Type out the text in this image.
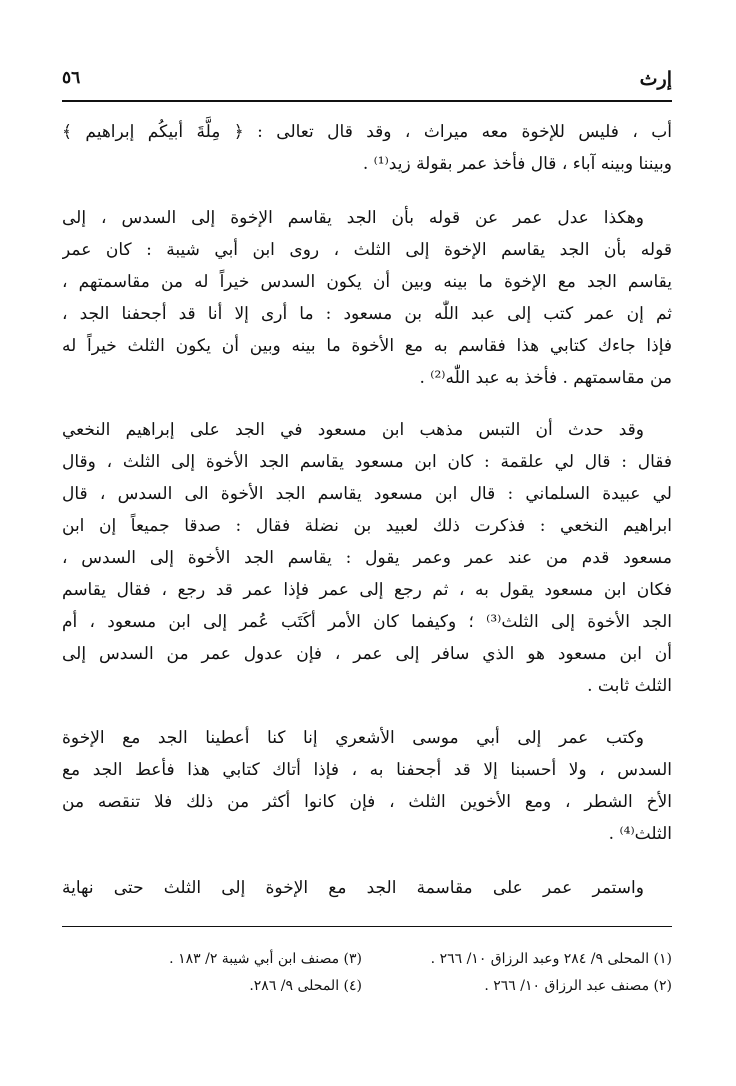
إرث
٥٦
أب ، فليس للإخوة معه ميراث ، وقد قال تعالى : ﴿ مِلَّةَ أبيكُم إبراهيم ﴾
وبيننا وبينه آباء ، قال فأخذ عمر بقولة زيد⁽¹⁾ .
وهكذا عدل عمر عن قوله بأن الجد يقاسم الإخوة إلى السدس ، إلى
قوله بأن الجد يقاسم الإخوة إلى الثلث ، روى ابن أبي شيبة : كان عمر
يقاسم الجد مع الإخوة ما بينه وبين أن يكون السدس خيراً له من مقاسمتهم ،
ثم إن عمر كتب إلى عبد اللّٰه بن مسعود : ما أرى إلا أنا قد أجحفنا الجد ،
فإذا جاءك كتابي هذا فقاسم به مع الأخوة ما بينه وبين أن يكون الثلث خيراً له
من مقاسمتهم . فأخذ به عبد اللّٰه⁽²⁾ .
وقد حدث أن التبس مذهب ابن مسعود في الجد على إبراهيم النخعي
فقال : قال لي علقمة : كان ابن مسعود يقاسم الجد الأخوة إلى الثلث ، وقال
لي عبيدة السلماني : قال ابن مسعود يقاسم الجد الأخوة الى السدس ، قال
ابراهيم النخعي : فذكرت ذلك لعبيد بن نضلة فقال : صدقا جميعاً إن ابن
مسعود قدم من عند عمر وعمر يقول : يقاسم الجد الأخوة إلى السدس ،
فكان ابن مسعود يقول به ، ثم رجع إلى عمر فإذا عمر قد رجع ، فقال يقاسم
الجد الأخوة إلى الثلث⁽³⁾ ؛ وكيفما كان الأمر أكَتَب عُمر إلى ابن مسعود ، أم
أن ابن مسعود هو الذي سافر إلى عمر ، فإن عدول عمر من السدس إلى
الثلث ثابت .
وكتب عمر إلى أبي موسى الأشعري إنا كنا أعطينا الجد مع الإخوة
السدس ، ولا أحسبنا إلا قد أجحفنا به ، فإذا أتاك كتابي هذا فأعط الجد مع
الأخ الشطر ، ومع الأخوين الثلث ، فإن كانوا أكثر من ذلك فلا تنقصه من
الثلث⁽⁴⁾ .
واستمر عمر على مقاسمة الجد مع الإخوة إلى الثلث حتى نهاية
(١) المحلى ٩/ ٢٨٤ وعبد الرزاق ١٠/ ٢٦٦ .
(٢) مصنف عبد الرزاق ١٠/ ٢٦٦ .
(٣) مصنف ابن أبي شيبة ٢/ ١٨٣ .
(٤) المحلى ٩/ ٢٨٦.
